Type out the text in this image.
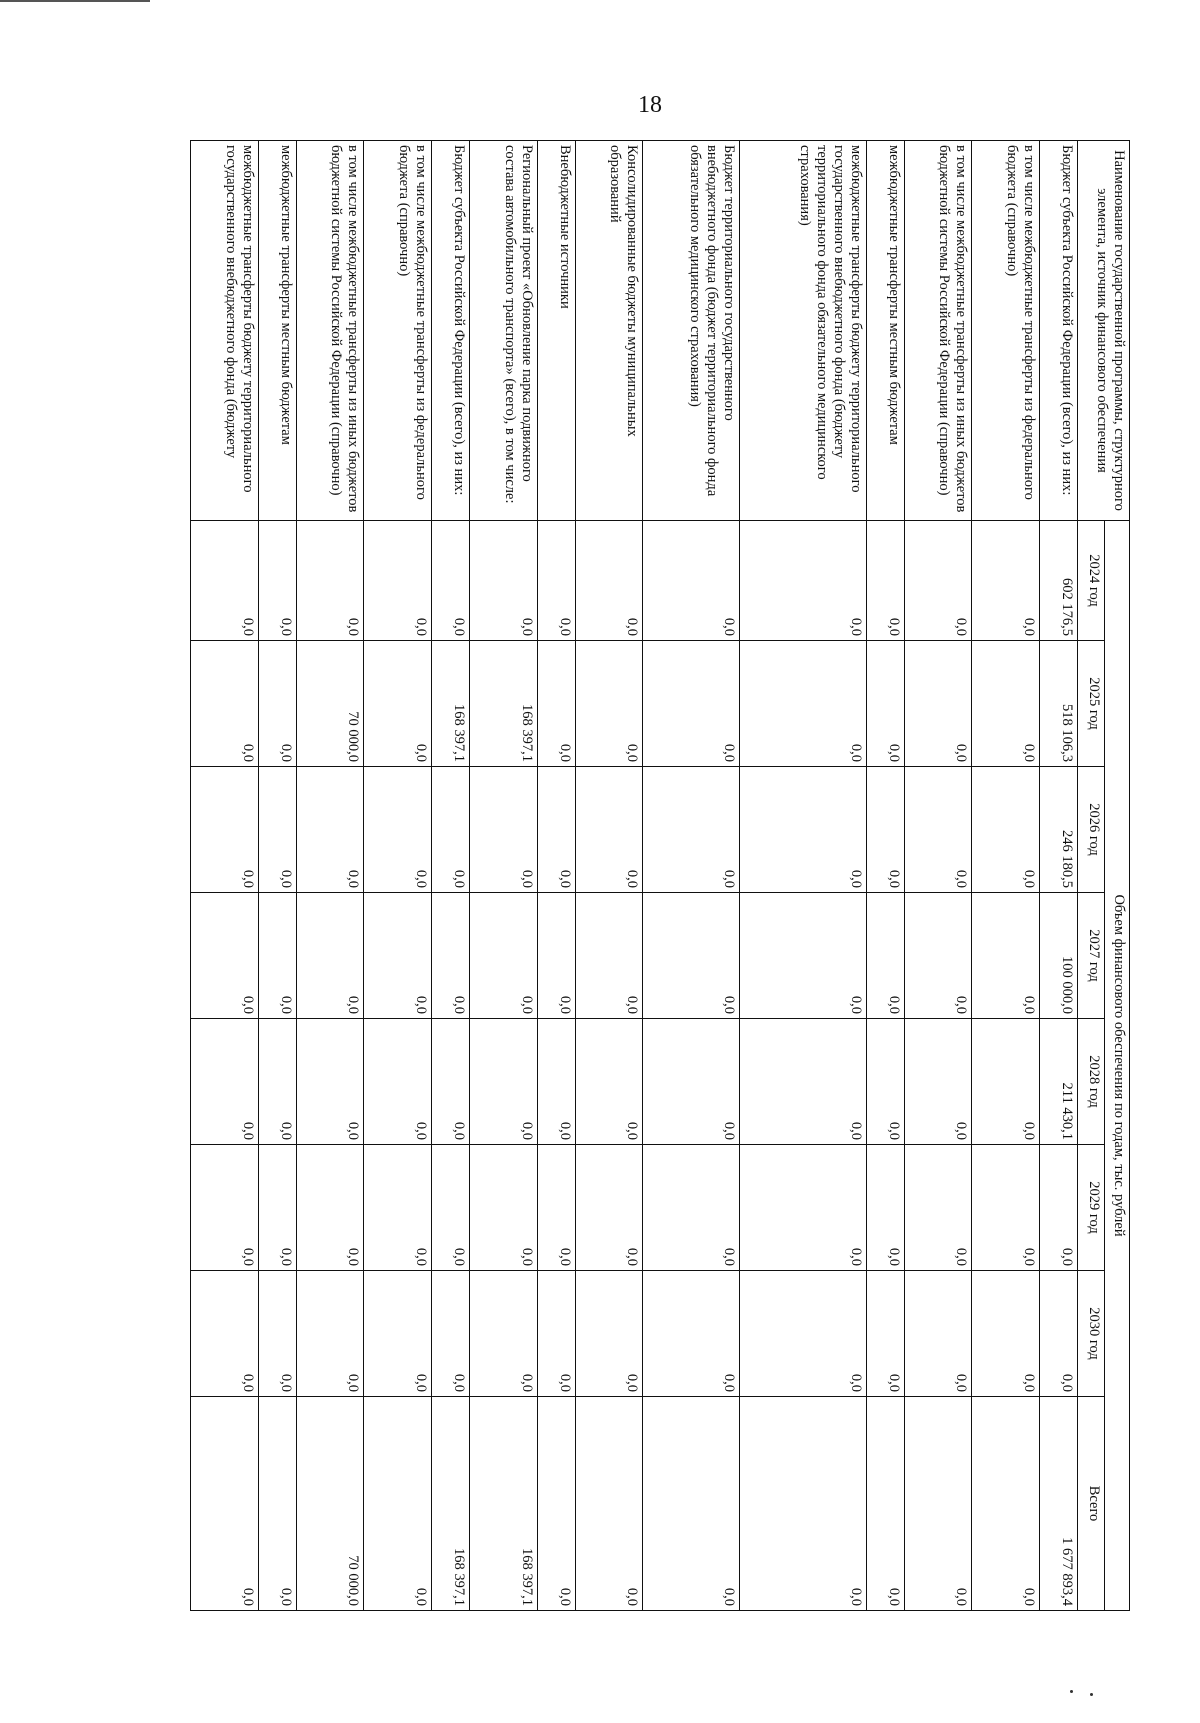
18
Наименование государственной программы, структурного элемента, источник финансового обеспечения	Объем финансового обеспечения по годам, тыс. рублей							
	2024 год	2025 год	2026 год	2027 год	2028 год	2029 год	2030 год	Всего
Бюджет субъекта Российской Федерации (всего), из них:	602 176,5	518 106,3	246 180,5	100 000,0	211 430,1	0,0	0,0	1 677 893,4
в том числе межбюджетные трансферты из федерального бюджета (справочно)	0,0	0,0	0,0	0,0	0,0	0,0	0,0	0,0
в том числе межбюджетные трансферты из иных бюджетов бюджетной системы Российской Федерации (справочно)	0,0	0,0	0,0	0,0	0,0	0,0	0,0	0,0
межбюджетные трансферты местным бюджетам	0,0	0,0	0,0	0,0	0,0	0,0	0,0	0,0
межбюджетные трансферты бюджету территориального государственного внебюджетного фонда (бюджету территориального фонда обязательного медицинского страхования)	0,0	0,0	0,0	0,0	0,0	0,0	0,0	0,0
Бюджет территориального государственного внебюджетного фонда (бюджет территориального фонда обязательного медицинского страхования)	0,0	0,0	0,0	0,0	0,0	0,0	0,0	0,0
Консолидированные бюджеты муниципальных образований	0,0	0,0	0,0	0,0	0,0	0,0	0,0	0,0
Внебюджетные источники	0,0	0,0	0,0	0,0	0,0	0,0	0,0	0,0
Региональный проект «Обновление парка подвижного состава автомобильного транспорта» (всего), в том числе:	0,0	168 397,1	0,0	0,0	0,0	0,0	0,0	168 397,1
Бюджет субъекта Российской Федерации (всего), из них:	0,0	168 397,1	0,0	0,0	0,0	0,0	0,0	168 397,1
в том числе межбюджетные трансферты из федерального бюджета (справочно)	0,0	0,0	0,0	0,0	0,0	0,0	0,0	0,0
в том числе межбюджетные трансферты из иных бюджетов бюджетной системы Российской Федерации (справочно)	0,0	70 000,0	0,0	0,0	0,0	0,0	0,0	70 000,0
межбюджетные трансферты местным бюджетам	0,0	0,0	0,0	0,0	0,0	0,0	0,0	0,0
межбюджетные трансферты бюджету территориального государственного внебюджетного фонда (бюджету	0,0	0,0	0,0	0,0	0,0	0,0	0,0	0,0
